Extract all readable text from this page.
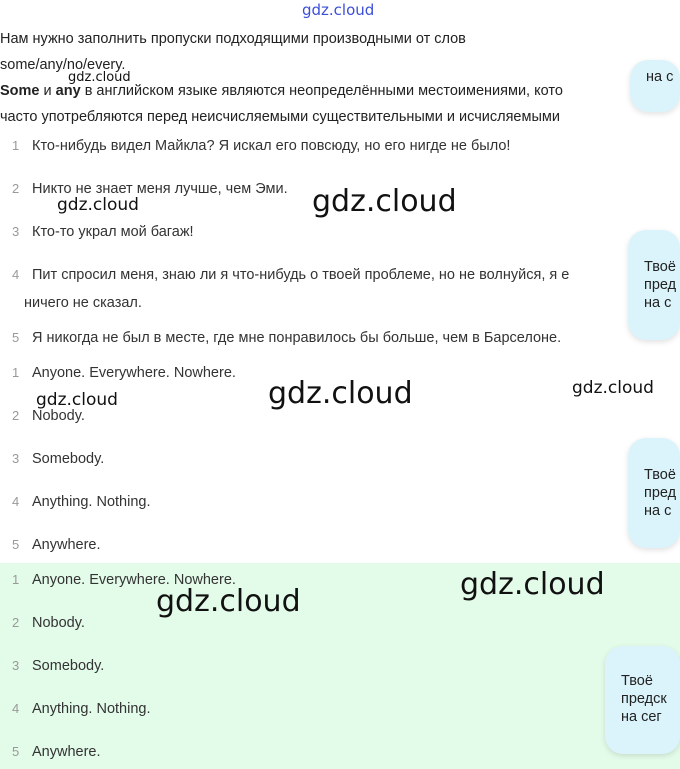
gdz.cloud
gdz.cloud
gdz.cloud	gdz.cloud
gdz.cloud	gdz.cloud	gdz.cloud
Нам нужно заполнить пропуски подходящими производными от слов
some/any/no/every.
Some и any в английском языке являются неопределёнными местоимениями, кото
часто употребляются перед неисчисляемыми существительными и исчисляемыми
1 Кто-нибудь видел Майкла? Я искал его повсюду, но его нигде не было!
2 Никто не знает меня лучше, чем Эми.
3 Кто-то украл мой багаж!
4 Пит спросил меня, знаю ли я что-нибудь о твоей проблеме, но не волнуйся, я е
ничего не сказал.
5 Я никогда не был в месте, где мне понравилось бы больше, чем в Барселоне.
1 Anyone. Everywhere. Nowhere.
2 Nobody.
3 Somebody.
4 Anything. Nothing.
5 Anywhere.
1 Anyone. Everywhere. Nowhere.
2 Nobody.
3 Somebody.
4 Anything. Nothing.
5 Anywhere.
gdz.cloud	gdz.cloud
на с
Твоё
пред
на с
Твоё
пред
на с
Твоё
предск
на сег
